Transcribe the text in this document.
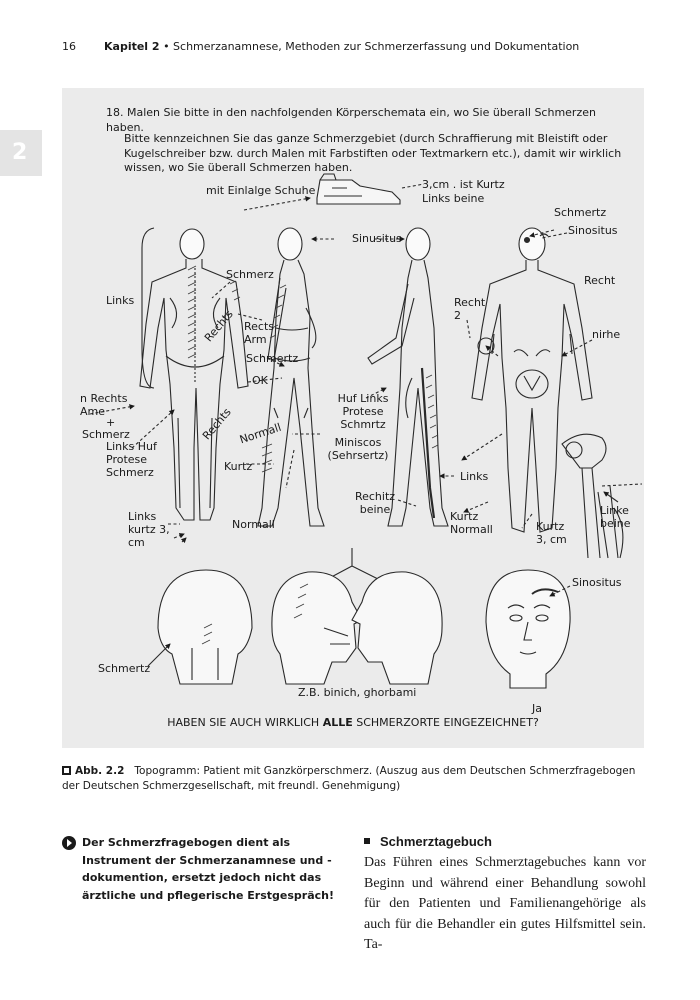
16	Kapitel 2 • Schmerzanamnese, Methoden zur Schmerzerfassung und Dokumentation
2
18. Malen Sie bitte in den nachfolgenden Körperschemata ein, wo Sie überall Schmerzen haben.
Bitte kennzeichnen Sie das ganze Schmerzgebiet (durch Schraffierung mit Bleistift oder Kugelschreiber bzw. durch Malen mit Farbstiften oder Textmarkern etc.), damit wir wirklich wissen, wo Sie überall Schmerzen haben.
mit Einlalge Schuhe	3,cm . ist Kurtz
Links beine
Schmertz
Sinositus
Sinusitus
Links
Schmerz
Rechts Rects Arm
Schmertz
OK
Recht
Recht 2
nirhe
n Rechts Ame
+
Schmerz
Links Huf Protese Schmerz
Rechts Normall
Huf Links Protese Schmrtz
Miniscos (Sehrsertz)
Kurtz
Links
Links kurtz 3, cm
Normall
Rechitz beine
Kurtz Normall	Kurtz 3, cm
Linke beine
Sinositus
Schmertz
Z.B. binich, ghorbami
Ja
HABEN SIE AUCH WIRKLICH ALLE SCHMERZORTE EINGEZEICHNET?
Abb. 2.2 Topogramm: Patient mit Ganzkörperschmerz. (Auszug aus dem Deutschen Schmerzfragebogen der Deutschen Schmerzgesellschaft, mit freundl. Genehmigung)

Der Schmerzfragebogen dient als Instrument der Schmerzanamnese und -dokumention, ersetzt jedoch nicht das ärztliche und pflegerische Erstgespräch!

Schmerztagebuch

Das Führen eines Schmerztagebuches kann vor Beginn und während einer Behandlung sowohl für den Patienten und Familienangehörige als auch für die Behandler ein gutes Hilfsmittel sein. Ta-
